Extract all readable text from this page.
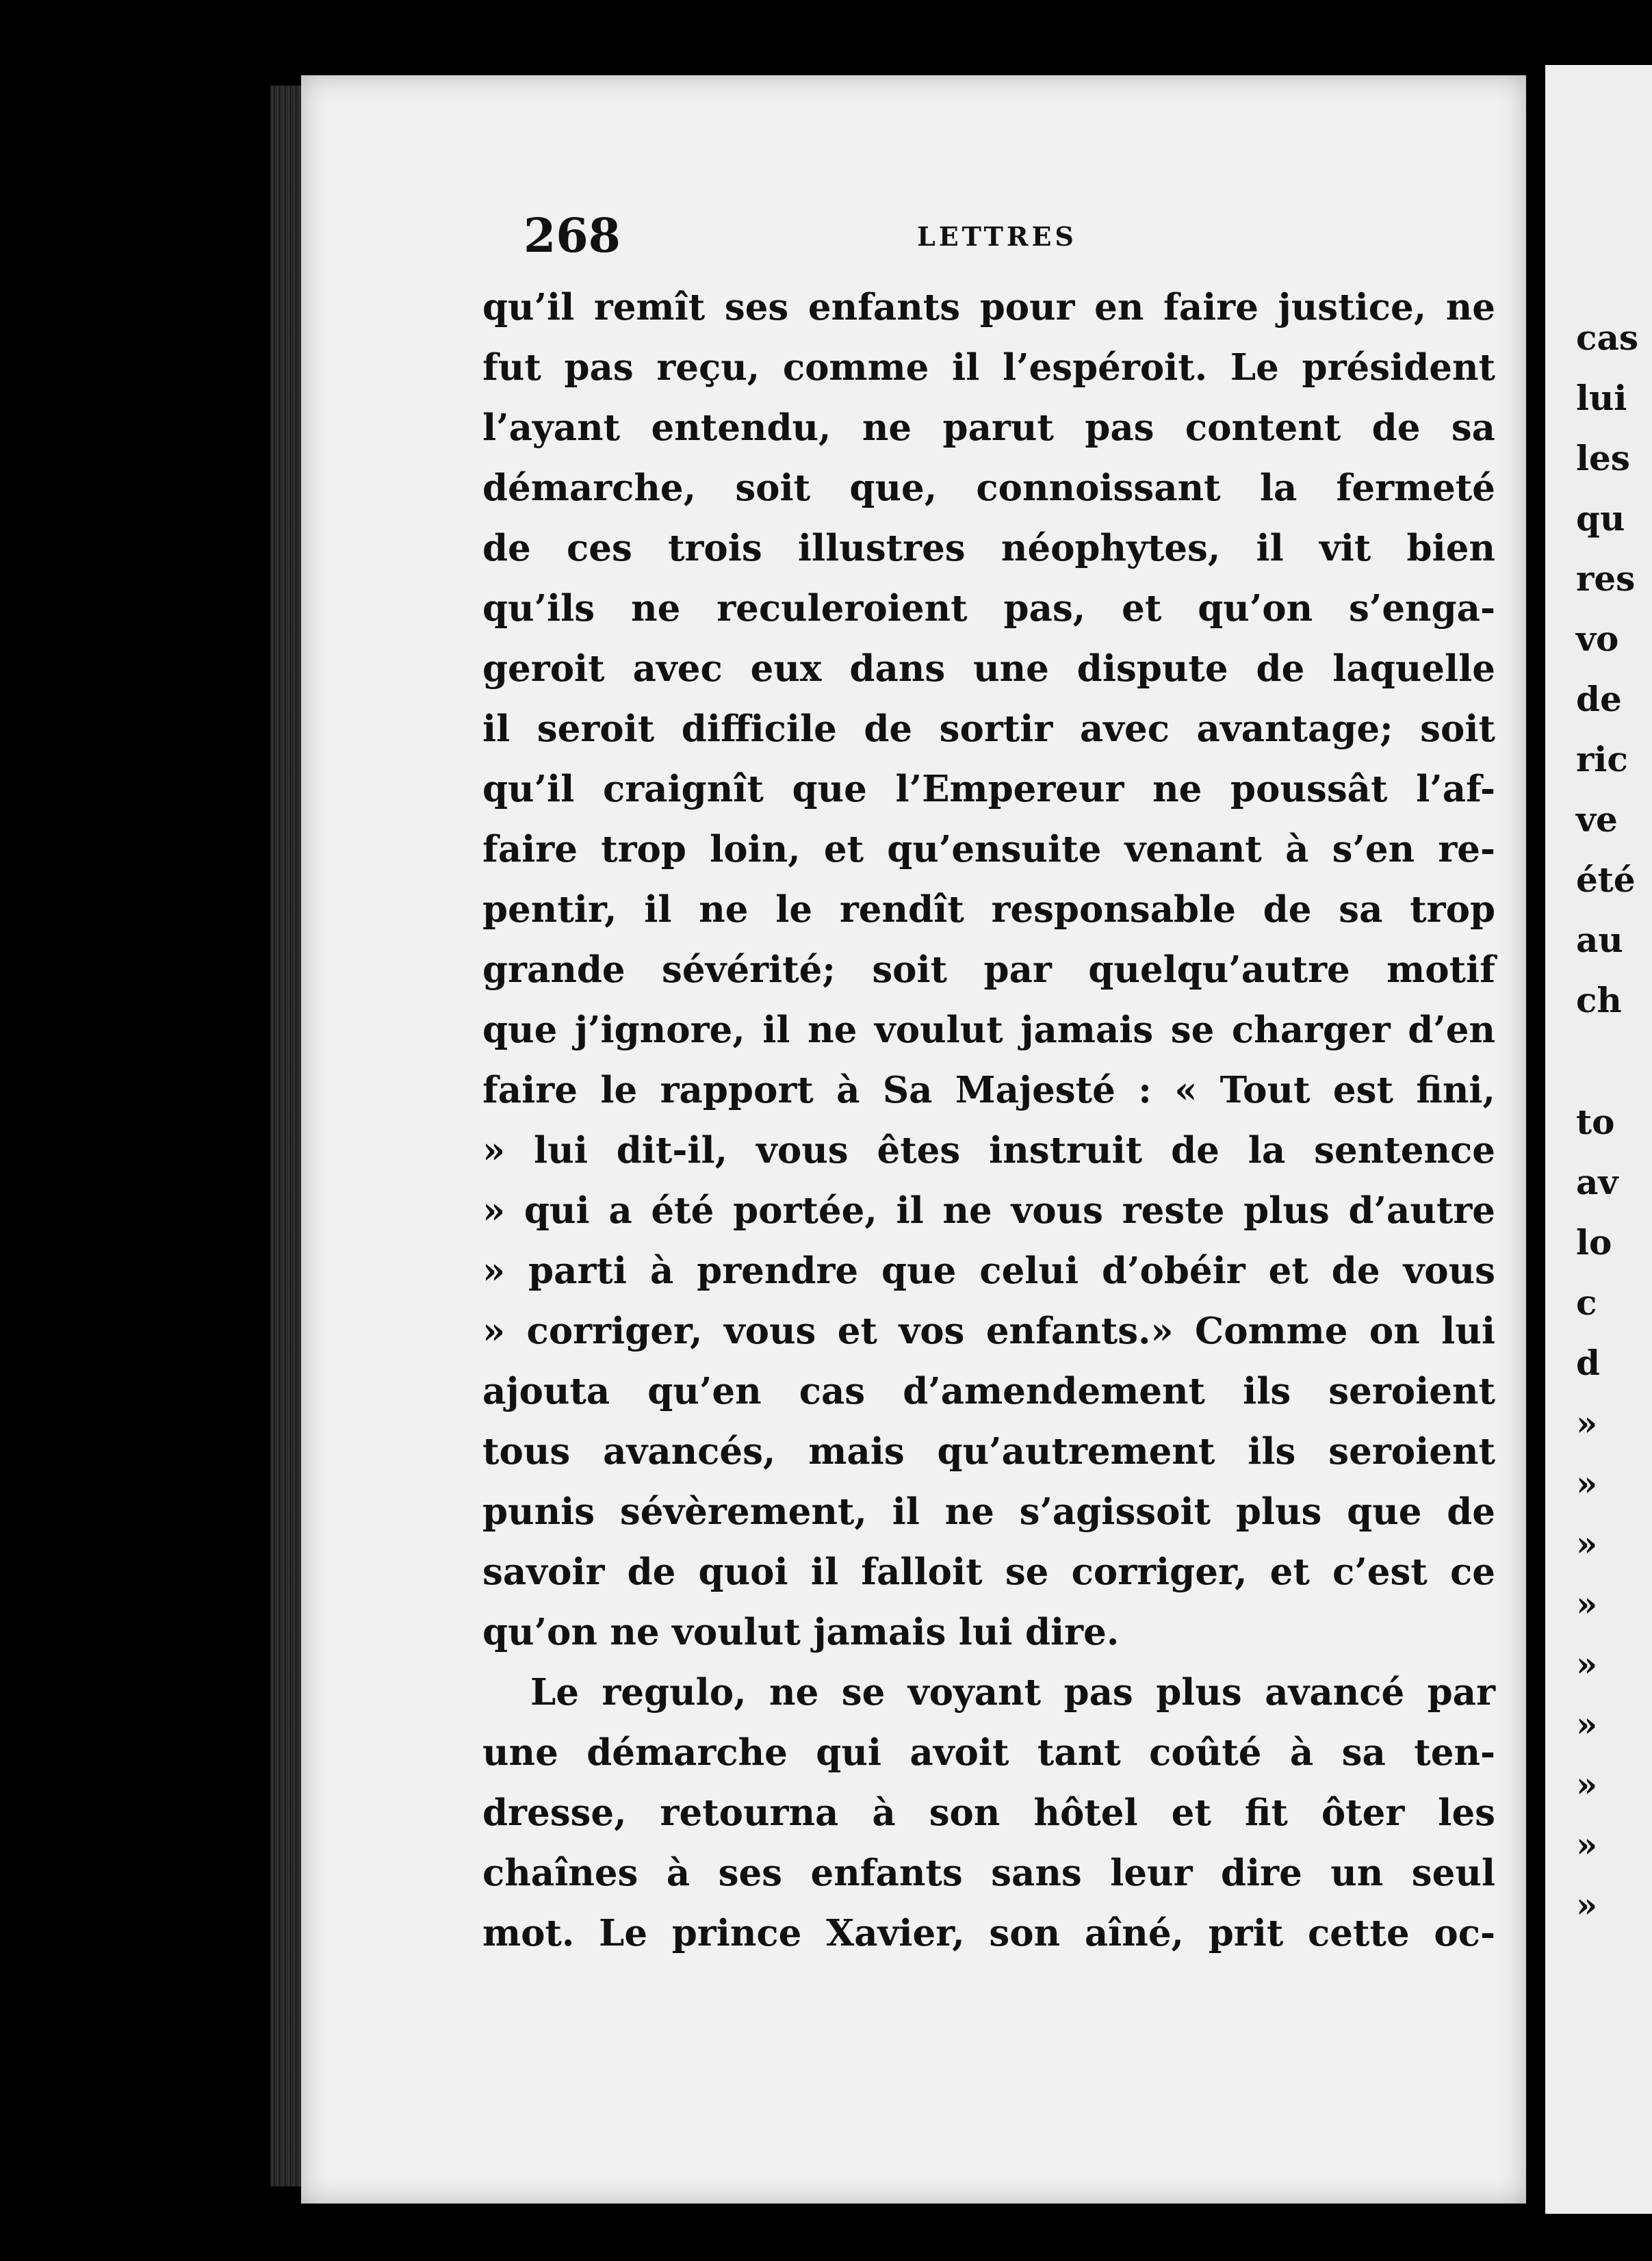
268	LETTRES
qu’il remît ses enfants pour en faire justice, ne
fut pas reçu, comme il l’espéroit. Le président
l’ayant entendu, ne parut pas content de sa
démarche, soit que, connoissant la fermeté
de ces trois illustres néophytes, il vit bien
qu’ils ne reculeroient pas, et qu’on s’enga-
geroit avec eux dans une dispute de laquelle
il seroit difficile de sortir avec avantage; soit
qu’il craignît que l’Empereur ne poussât l’af-
faire trop loin, et qu’ensuite venant à s’en re-
pentir, il ne le rendît responsable de sa trop
grande sévérité; soit par quelqu’autre motif
que j’ignore, il ne voulut jamais se charger d’en
faire le rapport à Sa Majesté : « Tout est fini,
» lui dit-il, vous êtes instruit de la sentence
» qui a été portée, il ne vous reste plus d’autre
» parti à prendre que celui d’obéir et de vous
» corriger, vous et vos enfants.» Comme on lui
ajouta qu’en cas d’amendement ils seroient
tous avancés, mais qu’autrement ils seroient
punis sévèrement, il ne s’agissoit plus que de
savoir de quoi il falloit se corriger, et c’est ce
qu’on ne voulut jamais lui dire.
Le regulo, ne se voyant pas plus avancé par
une démarche qui avoit tant coûté à sa ten-
dresse, retourna à son hôtel et fit ôter les
chaînes à ses enfants sans leur dire un seul
mot. Le prince Xavier, son aîné, prit cette oc-
cas
lui
les
qu
res
vo
de
ric
ve
été
au
ch
to
av
lo
c
d
»
»
»
»
»
»
»
»
»
